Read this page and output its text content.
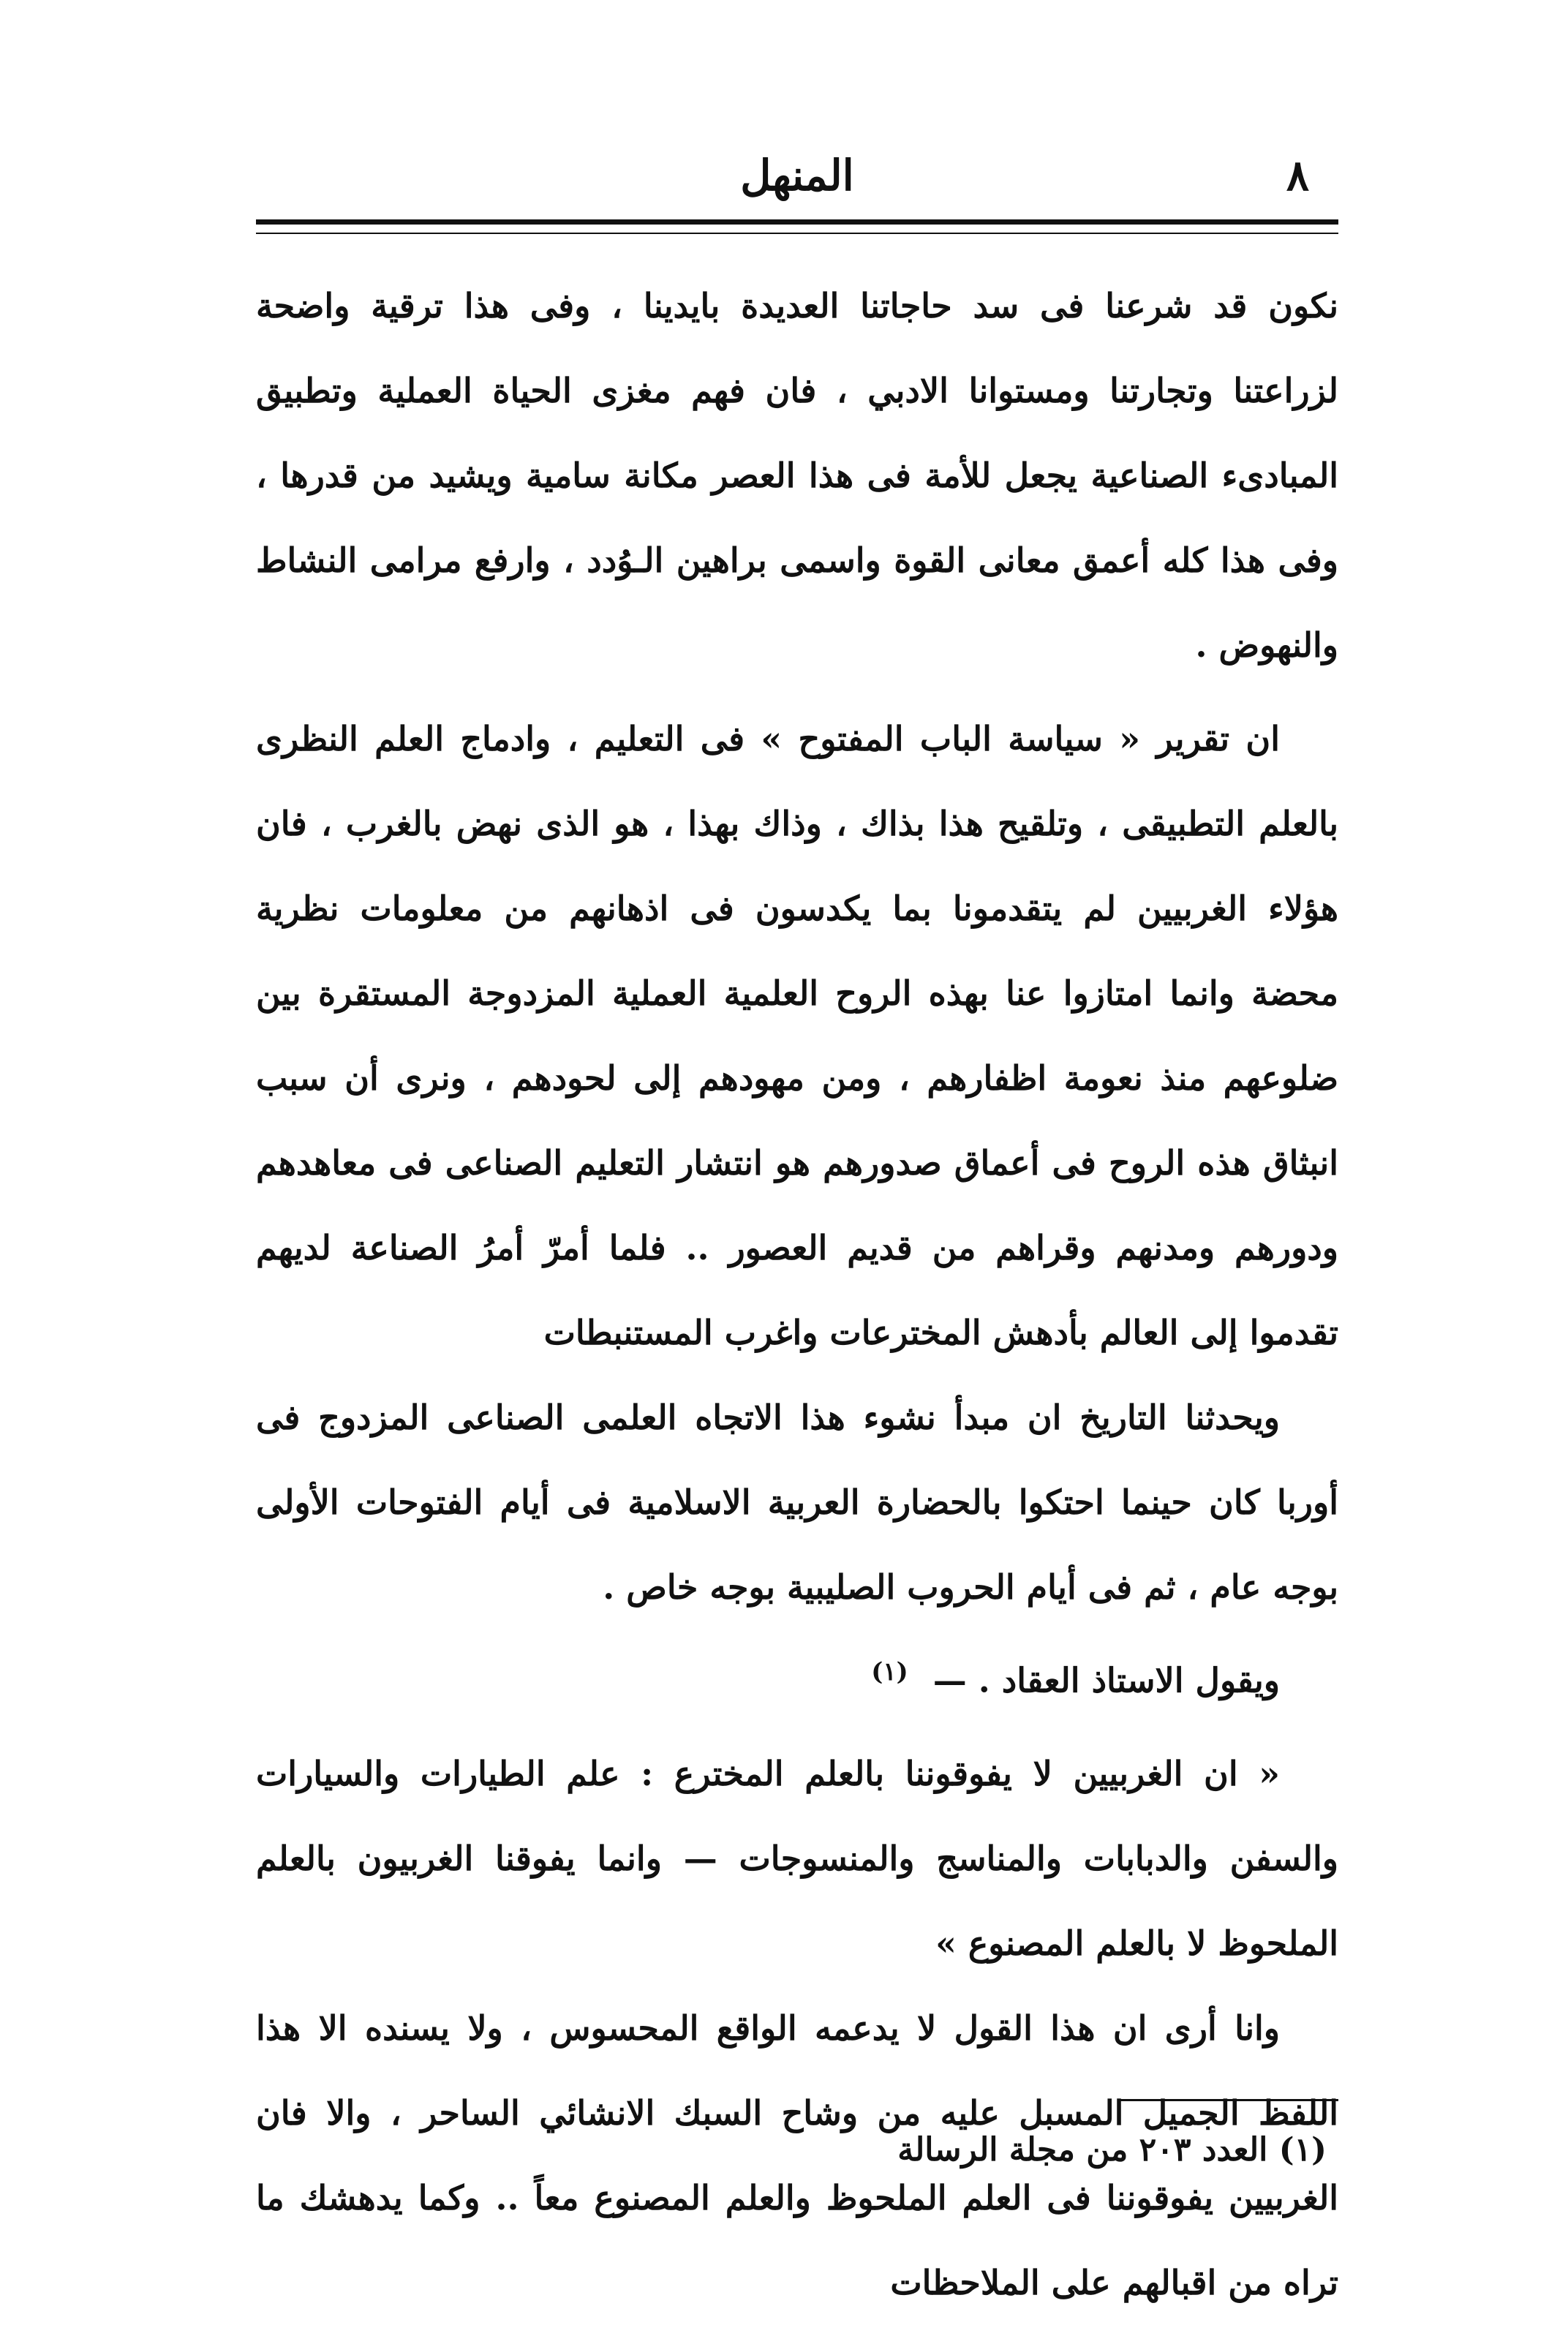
٨
المنهل

نكون قد شرعنا فى سد حاجاتنا العديدة بايدينا ، وفى هذا ترقية واضحة لزراعتنا وتجارتنا ومستوانا الادبي ، فان فهم مغزى الحياة العملية وتطبيق المبادىء الصناعية يجعل للأمة فى هذا العصر مكانة سامية ويشيد من قدرها ، وفى هذا كله أعمق معانى القوة واسمى براهين الـوُدد ، وارفع مرامى النشاط والنهوض .

ان تقرير « سياسة الباب المفتوح » فى التعليم ، وادماج العلم النظرى بالعلم التطبيقى ، وتلقيح هذا بذاك ، وذاك بهذا ، هو الذى نهض بالغرب ، فان هؤلاء الغربيين لم يتقدمونا بما يكدسون فى اذهانهم من معلومات نظرية محضة وانما امتازوا عنا بهذه الروح العلمية العملية المزدوجة المستقرة بين ضلوعهم منذ نعومة اظفارهم ، ومن مهودهم إلى لحودهم ، ونرى أن سبب انبثاق هذه الروح فى أعماق صدورهم هو انتشار التعليم الصناعى فى معاهدهم ودورهم ومدنهم وقراهم من قديم العصور .. فلما أمرّ أمرُ الصناعة لديهم تقدموا إلى العالم بأدهش المخترعات واغرب المستنبطات

ويحدثنا التاريخ ان مبدأ نشوء هذا الاتجاه العلمى الصناعى المزدوج فى أوربا كان حينما احتكوا بالحضارة العربية الاسلامية فى أيام الفتوحات الأولى بوجه عام ، ثم فى أيام الحروب الصليبية بوجه خاص .

ويقول الاستاذ العقاد . — $^{(١)}$

« ان الغربيين لا يفوقوننا بالعلم المخترع : علم الطيارات والسيارات والسفن والدبابات والمناسج والمنسوجات — وانما يفوقنا الغربيون بالعلم الملحوظ لا بالعلم المصنوع »

وانا أرى ان هذا القول لا يدعمه الواقع المحسوس ، ولا يسنده الا هذا اللفظ الجميل المسبل عليه من وشاح السبك الانشائي الساحر ، والا فان الغربيين يفوقوننا فى العلم الملحوظ والعلم المصنوع معاً .. وكما يدهشك ما تراه من اقبالهم على الملاحظات

(١) العدد ٢٠٣ من مجلة الرسالة
